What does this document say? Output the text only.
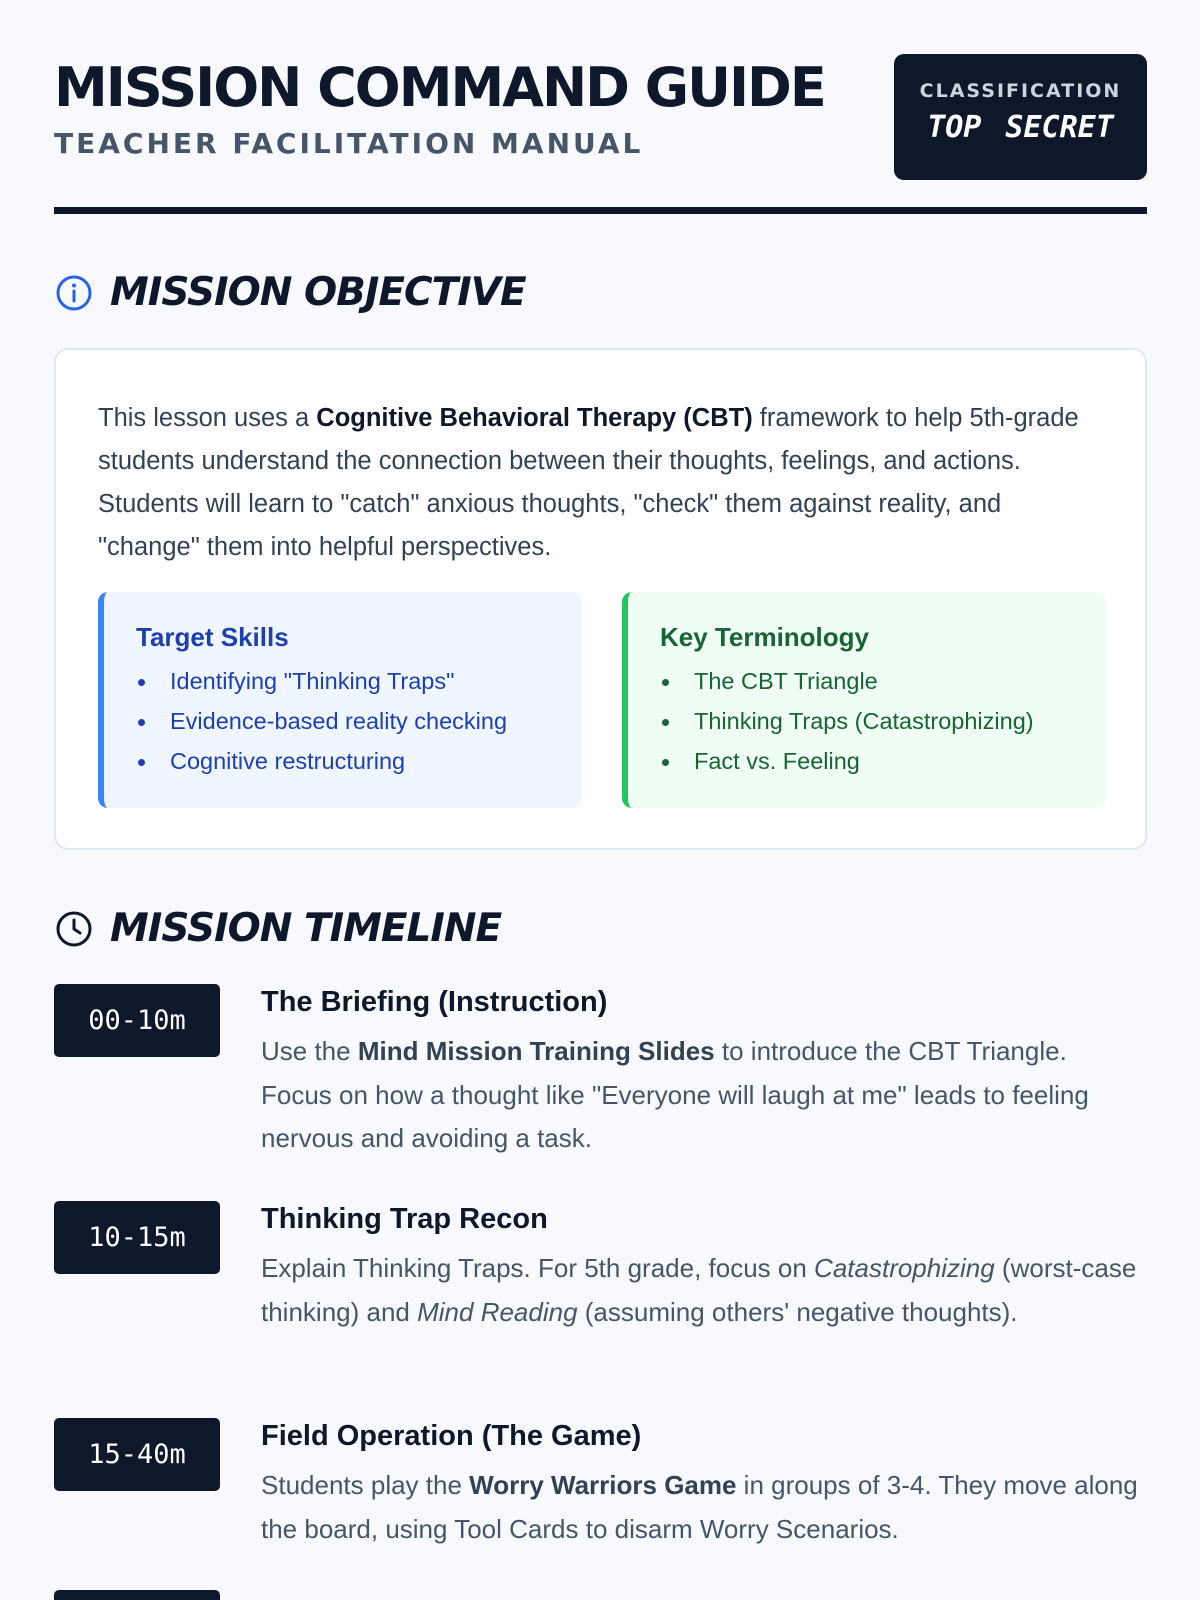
MISSION COMMAND GUIDE
TEACHER FACILITATION MANUAL
CLASSIFICATION
TOP SECRET
MISSION OBJECTIVE

This lesson uses a Cognitive Behavioral Therapy (CBT) framework to help 5th-grade students understand the connection between their thoughts, feelings, and actions. Students will learn to "catch" anxious thoughts, "check" them against reality, and "change" them into helpful perspectives.

Target Skills
Identifying "Thinking Traps"
Evidence-based reality checking
Cognitive restructuring
Key Terminology
The CBT Triangle
Thinking Traps (Catastrophizing)
Fact vs. Feeling
MISSION TIMELINE
00-10m
The Briefing (Instruction)

Use the Mind Mission Training Slides to introduce the CBT Triangle. Focus on how a thought like "Everyone will laugh at me" leads to feeling nervous and avoiding a task.

10-15m
Thinking Trap Recon

Explain Thinking Traps. For 5th grade, focus on Catastrophizing (worst-case thinking) and Mind Reading (assuming others' negative thoughts).

15-40m
Field Operation (The Game)

Students play the Worry Warriors Game in groups of 3-4. They move along the board, using Tool Cards to disarm Worry Scenarios.
